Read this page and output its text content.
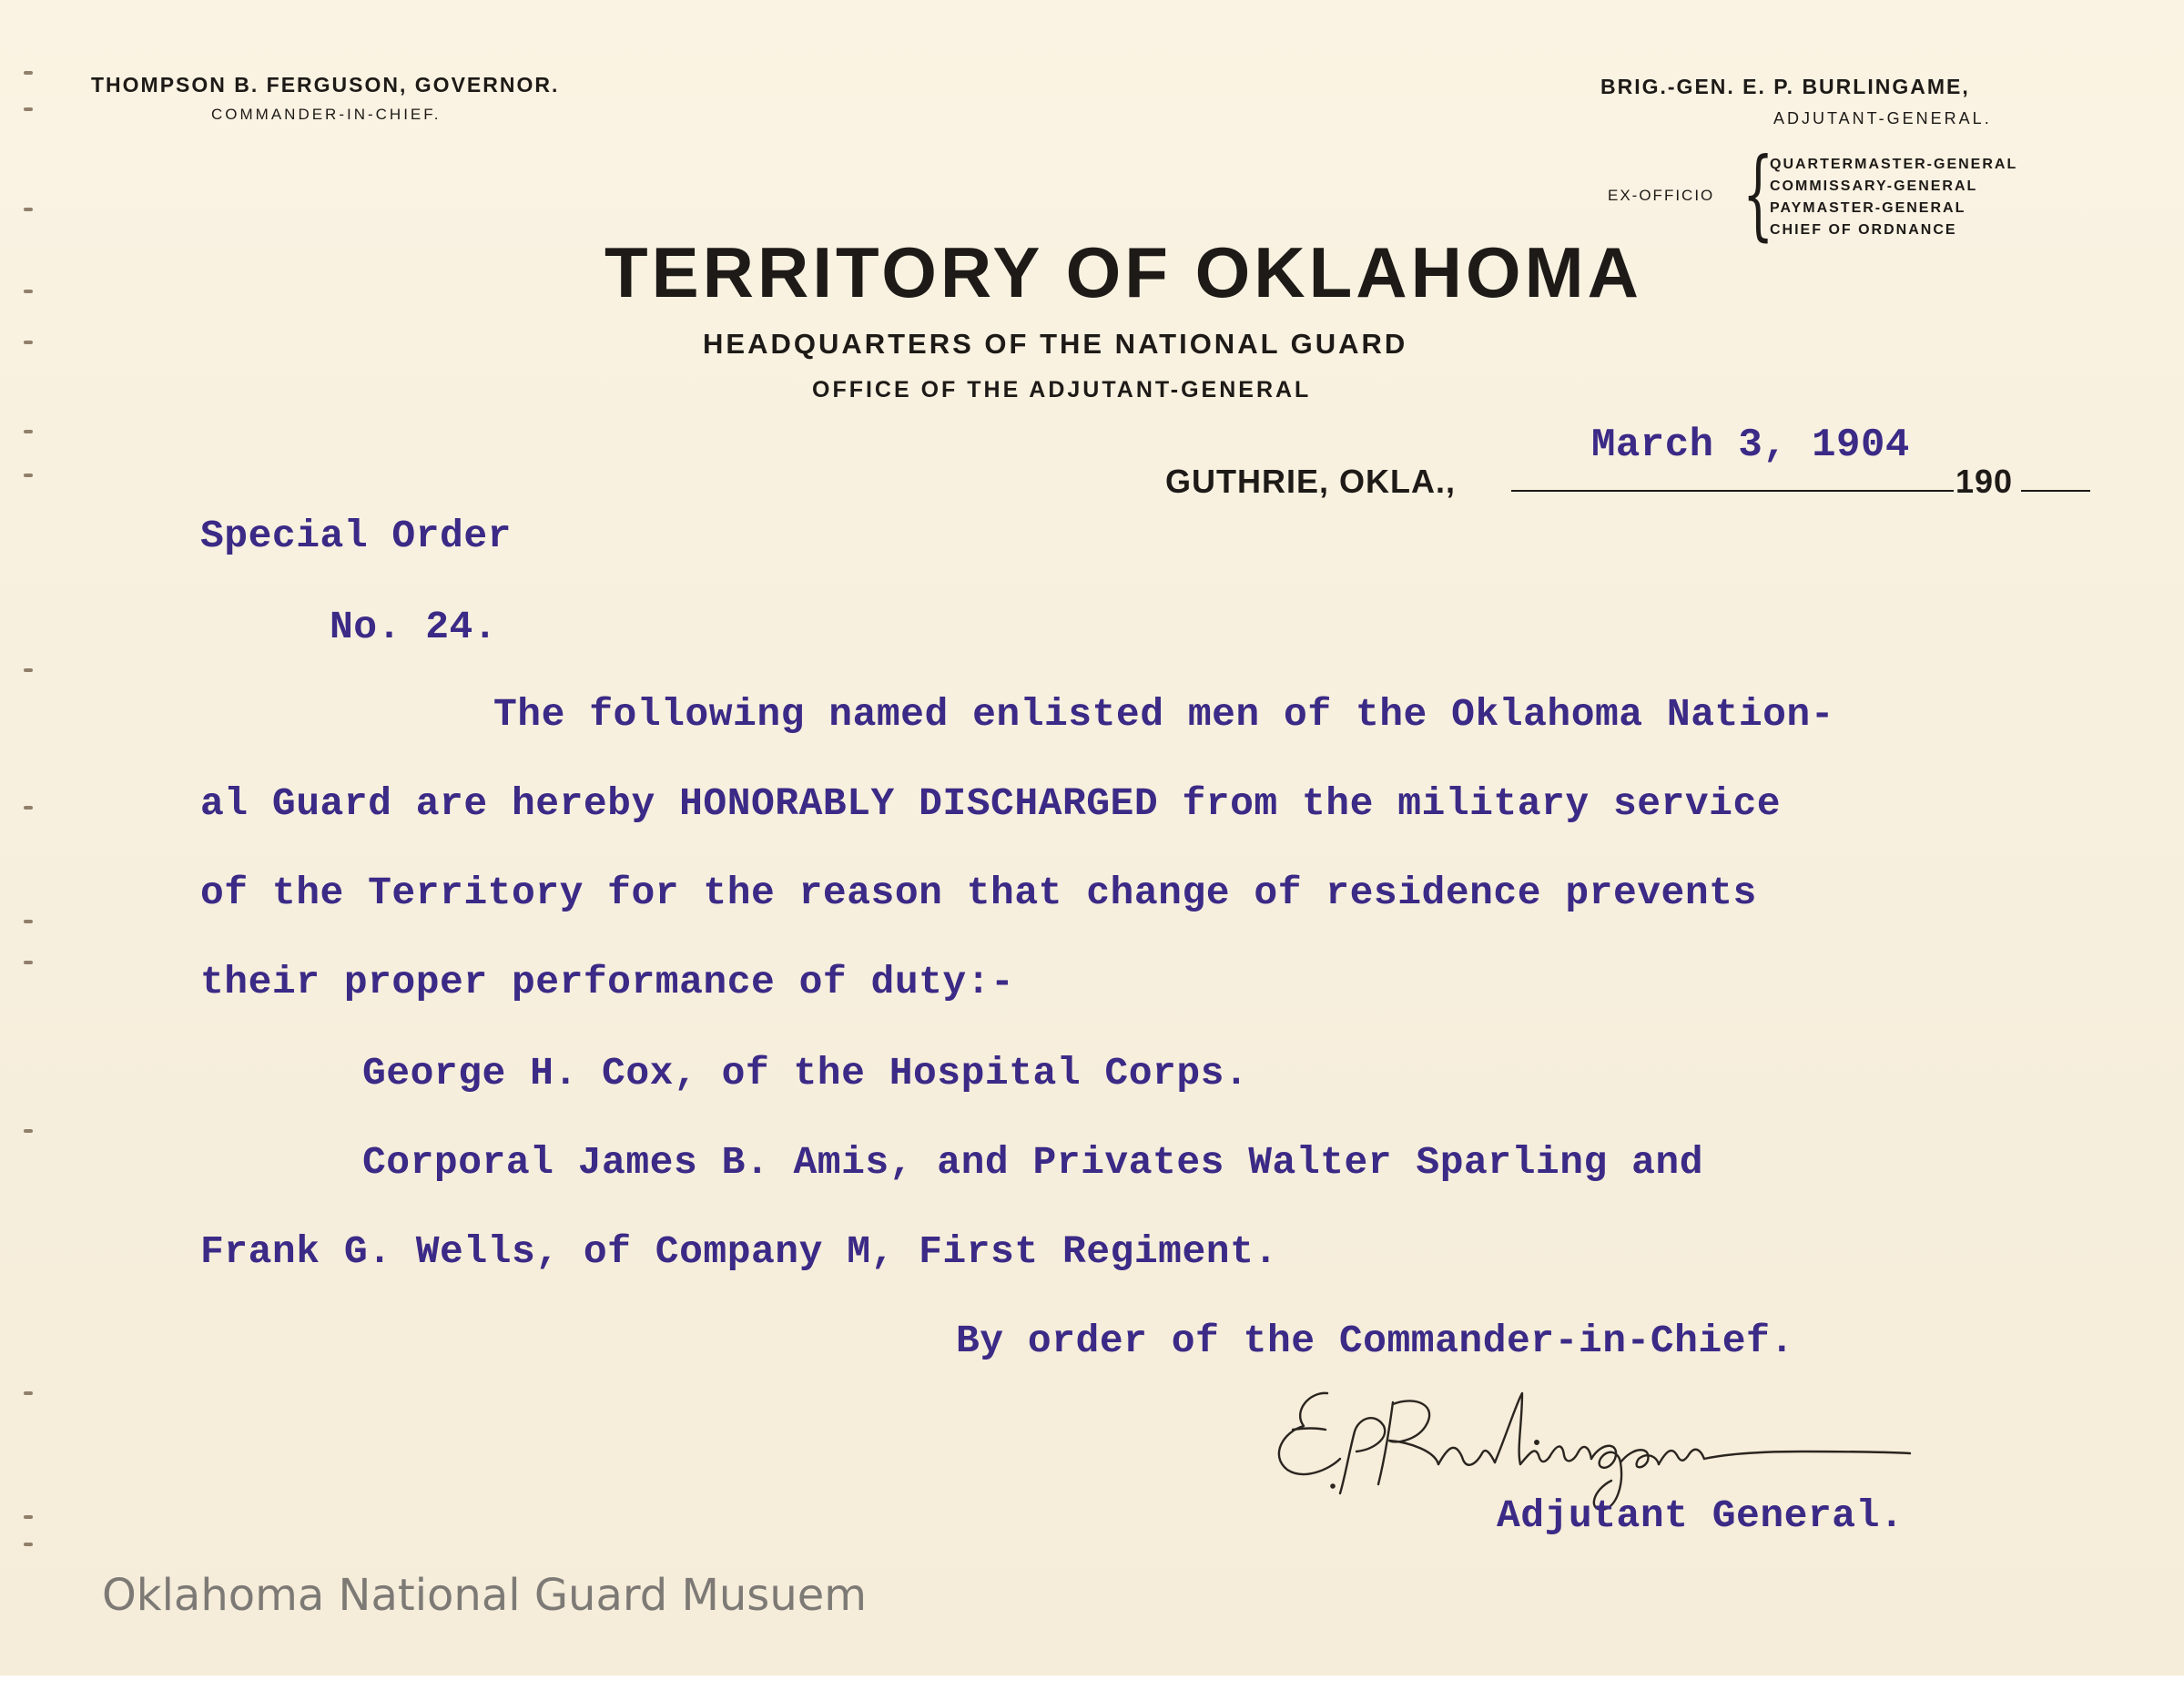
THOMPSON B. FERGUSON, GOVERNOR.
COMMANDER-IN-CHIEF.
BRIG.-GEN. E. P. BURLINGAME,
ADJUTANT-GENERAL.
EX-OFFICIO {
QUARTERMASTER-GENERAL
COMMISSARY-GENERAL
PAYMASTER-GENERAL
CHIEF OF ORDNANCE
TERRITORY OF OKLAHOMA
HEADQUARTERS OF THE NATIONAL GUARD
OFFICE OF THE ADJUTANT-GENERAL
GUTHRIE, OKLA.,	190
March 3, 1904
Special Order
No. 24.
The following named enlisted men of the Oklahoma Nation-
al Guard are hereby HONORABLY DISCHARGED from the military service
of the Territory for the reason that change of residence prevents
their proper performance of duty:-
George H. Cox, of the Hospital Corps.
Corporal James B. Amis, and Privates Walter Sparling and
Frank G. Wells, of Company M, First Regiment.
By order of the Commander-in-Chief.
Adjutant General.
Oklahoma National Guard Musuem
